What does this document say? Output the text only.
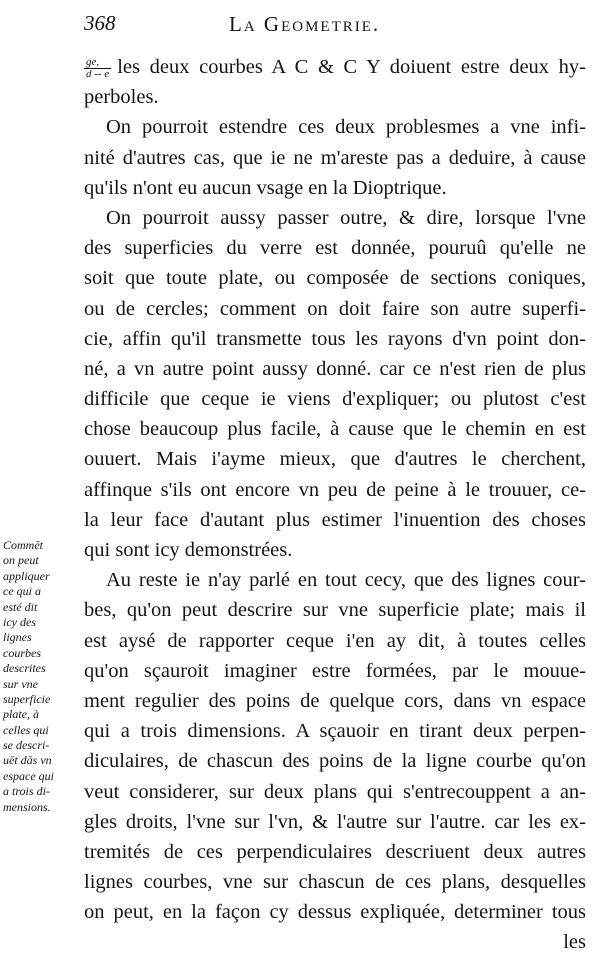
368	La Geometrie.
$\frac{ge,}{d -- e}$ les deux courbes A C & C Y doiuent estre deux hy-
perboles.
On pourroit estendre ces deux problesmes a vne infi-
nité d'autres cas, que ie ne m'areste pas a deduire, à cause
qu'ils n'ont eu aucun vsage en la Dioptrique.
On pourroit aussy passer outre, & dire, lorsque l'vne
des superficies du verre est donnée, pouruû qu'elle ne
soit que toute plate, ou composée de sections coniques,
ou de cercles; comment on doit faire son autre superfi-
cie, affin qu'il transmette tous les rayons d'vn point don-
né, a vn autre point aussy donné. car ce n'est rien de plus
difficile que ceque ie viens d'expliquer; ou plutost c'est
chose beaucoup plus facile, à cause que le chemin en est
ouuert. Mais i'ayme mieux, que d'autres le cherchent,
affinque s'ils ont encore vn peu de peine à le trouuer, ce-
la leur face d'autant plus estimer l'inuention des choses
qui sont icy demonstrées.
Au reste ie n'ay parlé en tout cecy, que des lignes cour-
bes, qu'on peut descrire sur vne superficie plate; mais il
est aysé de rapporter ceque i'en ay dit, à toutes celles
qu'on sçauroit imaginer estre formées, par le mouue-
ment regulier des poins de quelque cors, dans vn espace
qui a trois dimensions. A sçauoir en tirant deux perpen-
diculaires, de chascun des poins de la ligne courbe qu'on
veut considerer, sur deux plans qui s'entrecouppent a an-
gles droits, l'vne sur l'vn, & l'autre sur l'autre. car les ex-
tremités de ces perpendiculaires descriuent deux autres
lignes courbes, vne sur chascun de ces plans, desquelles
on peut, en la façon cy dessus expliquée, determiner tous
les
Commēt
on peut
appliquer
ce qui a
esté dit
icy des
lignes
courbes
descrites
sur vne
superficie
plate, à
celles qui
se descri-
uēt dās vn
espace qui
a trois di-
mensions.
